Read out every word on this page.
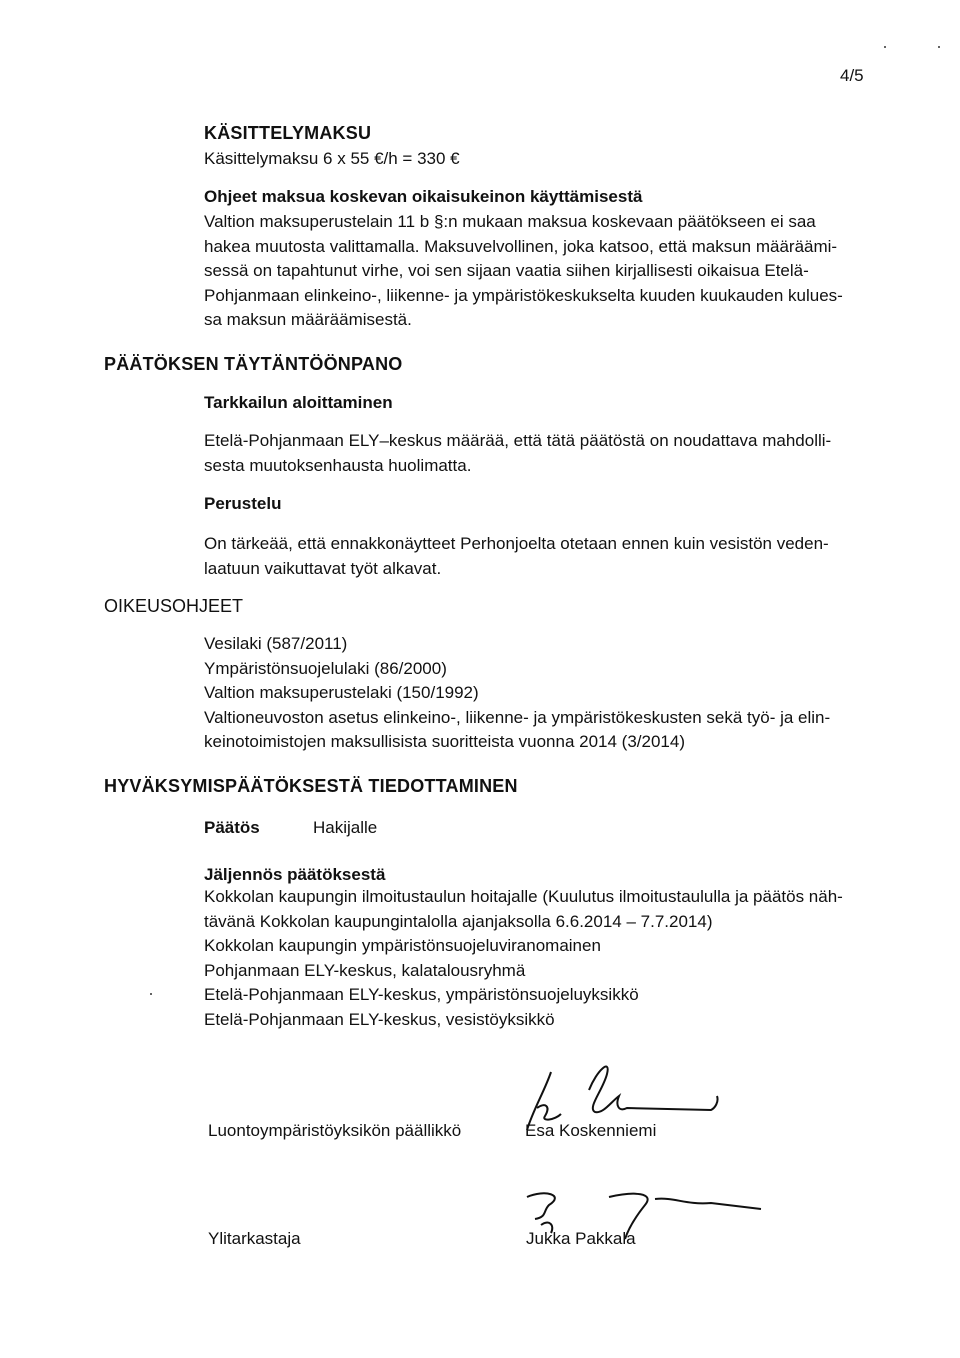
4/5
KÄSITTELYMAKSU
Käsittelymaksu 6 x 55 €/h = 330 €
Ohjeet maksua koskevan oikaisukeinon käyttämisestä
Valtion maksuperustelain 11 b §:n mukaan maksua koskevaan päätökseen ei saa
hakea muutosta valittamalla. Maksuvelvollinen, joka katsoo, että maksun määräämi-
sessä on tapahtunut virhe, voi sen sijaan vaatia siihen kirjallisesti oikaisua Etelä-
Pohjanmaan elinkeino-, liikenne- ja ympäristökeskukselta kuuden kuukauden kulues-
sa maksun määräämisestä.
PÄÄTÖKSEN TÄYTÄNTÖÖNPANO
Tarkkailun aloittaminen
Etelä-Pohjanmaan ELY–keskus määrää, että tätä päätöstä on noudattava mahdolli-
sesta muutoksenhausta huolimatta.
Perustelu
On tärkeää, että ennakkonäytteet Perhonjoelta otetaan ennen kuin vesistön veden-
laatuun vaikuttavat työt alkavat.
OIKEUSOHJEET
Vesilaki (587/2011)
Ympäristönsuojelulaki (86/2000)
Valtion maksuperustelaki (150/1992)
Valtioneuvoston asetus elinkeino-, liikenne- ja ympäristökeskusten sekä työ- ja elin-
keinotoimistojen maksullisista suoritteista vuonna 2014 (3/2014)
HYVÄKSYMISPÄÄTÖKSESTÄ TIEDOTTAMINEN
Päätös	Hakijalle
Jäljennös päätöksestä
Kokkolan kaupungin ilmoitustaulun hoitajalle (Kuulutus ilmoitustaululla ja päätös näh-
tävänä Kokkolan kaupungintalolla ajanjaksolla 6.6.2014 – 7.7.2014)
Kokkolan kaupungin ympäristönsuojeluviranomainen
Pohjanmaan ELY-keskus, kalatalousryhmä
Etelä-Pohjanmaan ELY-keskus, ympäristönsuojeluyksikkö
Etelä-Pohjanmaan ELY-keskus, vesistöyksikkö
Luontoympäristöyksikön päällikkö	Esa Koskenniemi
Ylitarkastaja	Jukka Pakkala
